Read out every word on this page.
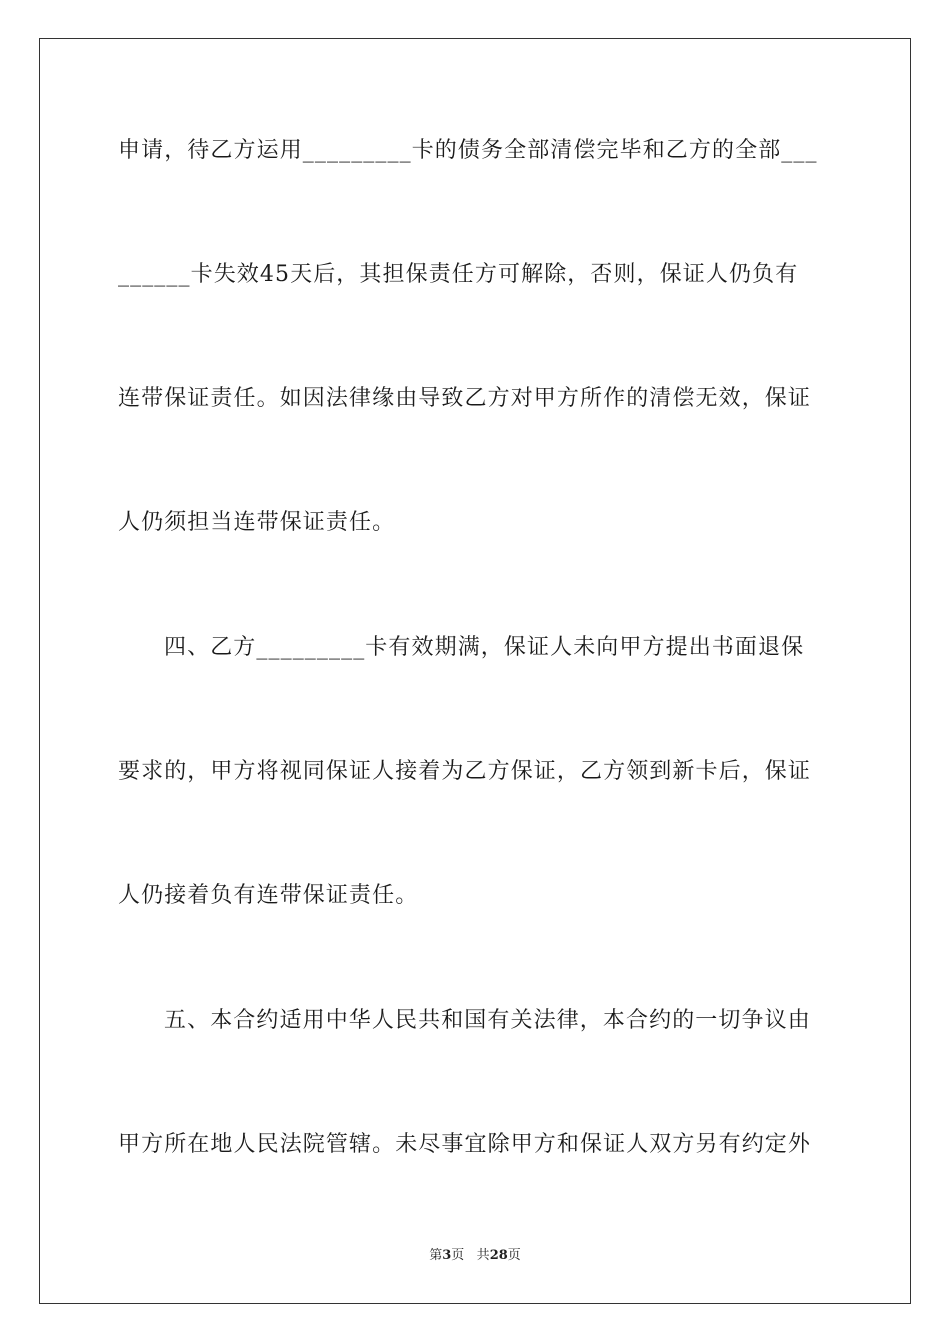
申请，待乙方运用_________卡的债务全部清偿完毕和乙方的全部___
______卡失效45天后，其担保责任方可解除，否则，保证人仍负有
连带保证责任。如因法律缘由导致乙方对甲方所作的清偿无效，保证
人仍须担当连带保证责任。
四、乙方_________卡有效期满，保证人未向甲方提出书面退保
要求的，甲方将视同保证人接着为乙方保证，乙方领到新卡后，保证
人仍接着负有连带保证责任。
五、本合约适用中华人民共和国有关法律，本合约的一切争议由
甲方所在地人民法院管辖。未尽事宜除甲方和保证人双方另有约定外
第3页 共28页
